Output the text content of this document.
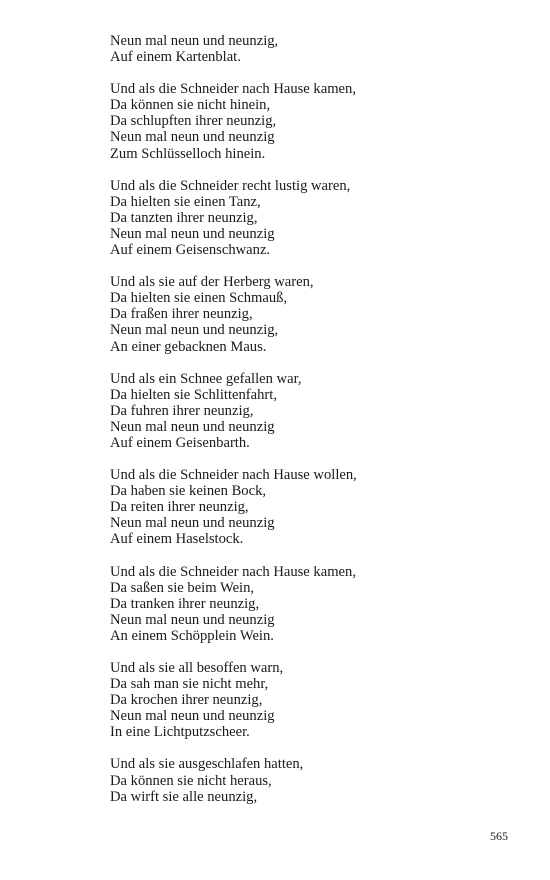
Neun mal neun und neunzig,
Auf einem Kartenblat.
Und als die Schneider nach Hause kamen,
Da können sie nicht hinein,
Da schlupften ihrer neunzig,
Neun mal neun und neunzig
Zum Schlüsselloch hinein.
Und als die Schneider recht lustig waren,
Da hielten sie einen Tanz,
Da tanzten ihrer neunzig,
Neun mal neun und neunzig
Auf einem Geisenschwanz.
Und als sie auf der Herberg waren,
Da hielten sie einen Schmauß,
Da fraßen ihrer neunzig,
Neun mal neun und neunzig,
An einer gebacknen Maus.
Und als ein Schnee gefallen war,
Da hielten sie Schlittenfahrt,
Da fuhren ihrer neunzig,
Neun mal neun und neunzig
Auf einem Geisenbarth.
Und als die Schneider nach Hause wollen,
Da haben sie keinen Bock,
Da reiten ihrer neunzig,
Neun mal neun und neunzig
Auf einem Haselstock.
Und als die Schneider nach Hause kamen,
Da saßen sie beim Wein,
Da tranken ihrer neunzig,
Neun mal neun und neunzig
An einem Schöpplein Wein.
Und als sie all besoffen warn,
Da sah man sie nicht mehr,
Da krochen ihrer neunzig,
Neun mal neun und neunzig
In eine Lichtputzscheer.
Und als sie ausgeschlafen hatten,
Da können sie nicht heraus,
Da wirft sie alle neunzig,
565
